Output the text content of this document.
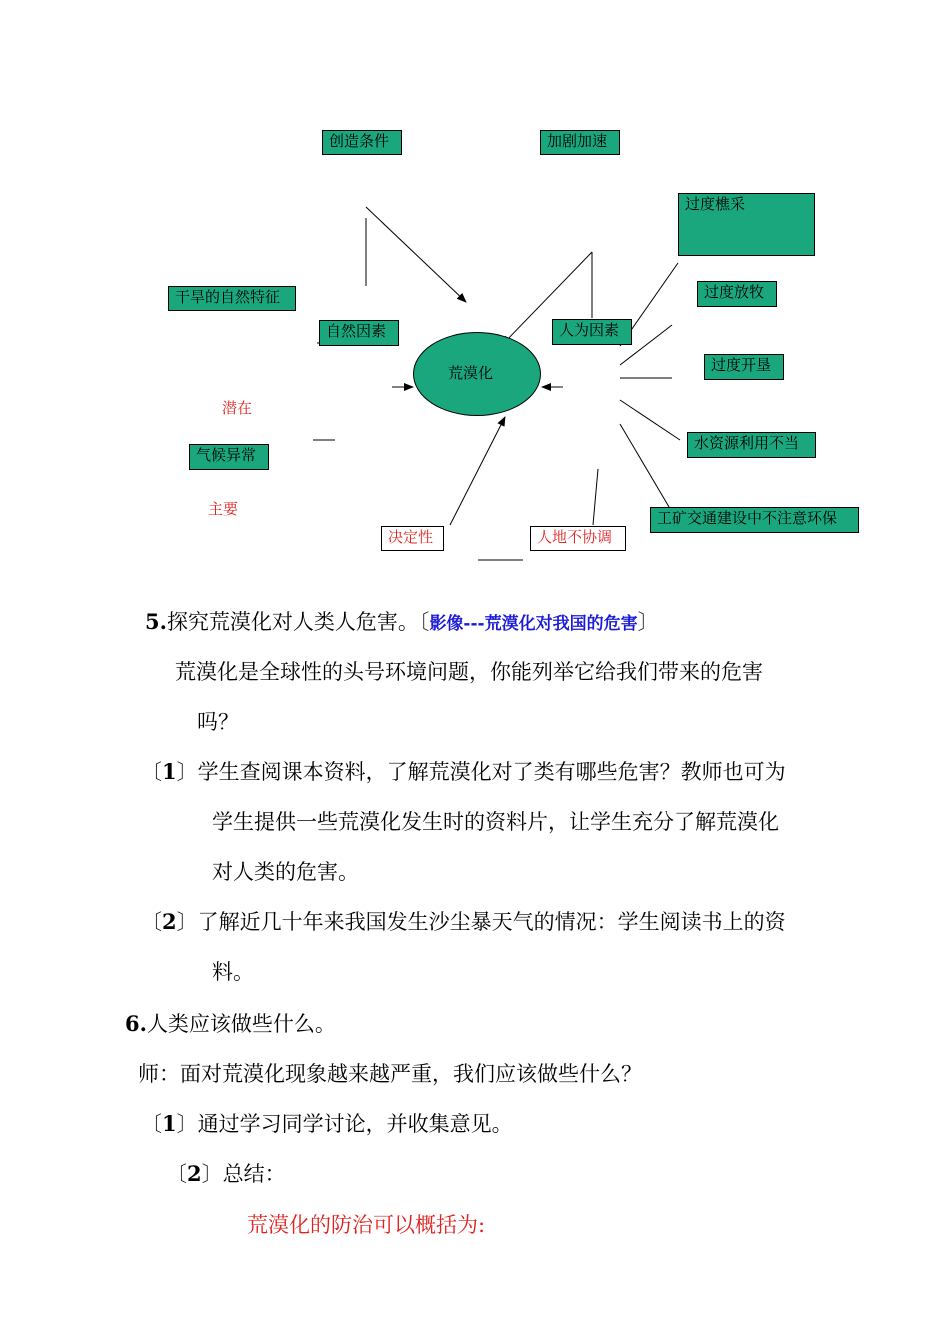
创造条件	加剧加速
过度樵采
干旱的自然特征
自然因素	人为因素
过度放牧
过度开垦
水资源利用不当
气候异常
工矿交通建设中不注意环保
决定性	人地不协调
荒漠化
潜在
主要
5.探究荒漠化对人类人危害。〔影像---荒漠化对我国的危害〕
荒漠化是全球性的头号环境问题，你能列举它给我们带来的危害
吗？
〔1〕学生查阅课本资料，了解荒漠化对了类有哪些危害？教师也可为
学生提供一些荒漠化发生时的资料片，让学生充分了解荒漠化
对人类的危害。
〔2〕了解近几十年来我国发生沙尘暴天气的情况：学生阅读书上的资
料。
6.人类应该做些什么。
师：面对荒漠化现象越来越严重，我们应该做些什么？
〔1〕通过学习同学讨论，并收集意见。
〔2〕总结：
荒漠化的防治可以概括为:
